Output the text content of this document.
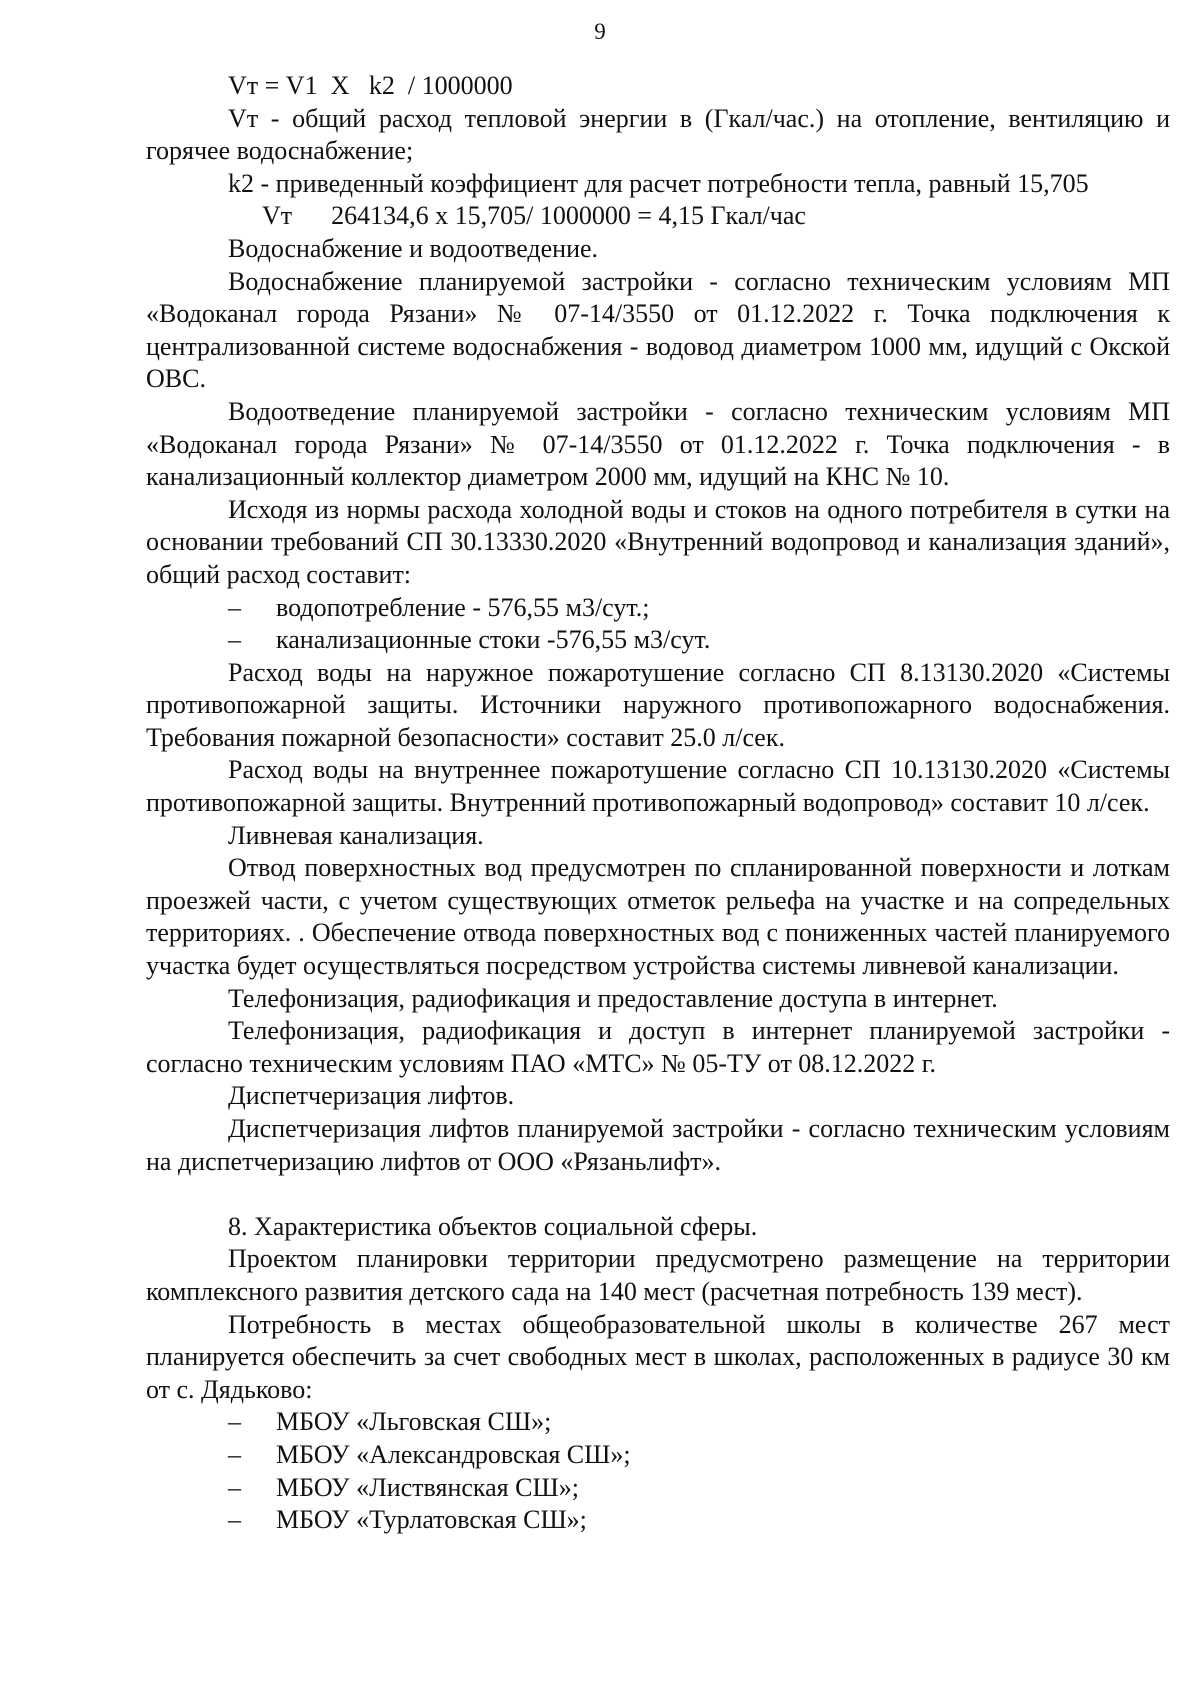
9

Vт = V1  Х   k2  / 1000000

Vт - общий расход тепловой энергии в (Гкал/час.) на отопление, вентиляцию и горячее водоснабжение;

k2 - приведенный коэффициент для расчет потребности тепла, равный 15,705

Vт      264134,6 х 15,705/ 1000000 = 4,15 Гкал/час

Водоснабжение и водоотведение.

Водоснабжение планируемой застройки - согласно техническим условиям МП «Водоканал города Рязани» № 07-14/3550 от 01.12.2022 г. Точка подключения к централизованной системе водоснабжения - водовод диаметром 1000 мм, идущий с Окской ОВС.

Водоотведение планируемой застройки - согласно техническим условиям МП «Водоканал города Рязани» № 07-14/3550 от 01.12.2022 г. Точка подключения - в канализационный коллектор диаметром 2000 мм, идущий на КНС № 10.

Исходя из нормы расхода холодной воды и стоков на одного потребителя в сутки на основании требований СП 30.13330.2020 «Внутренний водопровод и канализация зданий», общий расход составит:

– водопотребление - 576,55 м3/сут.;

– канализационные стоки -576,55 м3/сут.

Расход воды на наружное пожаротушение согласно СП 8.13130.2020 «Системы противопожарной защиты. Источники наружного противопожарного водоснабжения. Требования пожарной безопасности» составит 25.0 л/сек.

Расход воды на внутреннее пожаротушение согласно СП 10.13130.2020 «Системы противопожарной защиты. Внутренний противопожарный водопровод» составит 10 л/сек.

Ливневая канализация.

Отвод поверхностных вод предусмотрен по спланированной поверхности и лоткам проезжей части, с учетом существующих отметок рельефа на участке и на сопредельных территориях. . Обеспечение отвода поверхностных вод с пониженных частей планируемого участка будет осуществляться посредством устройства системы ливневой канализации.

Телефонизация, радиофикация и предоставление доступа в интернет.

Телефонизация, радиофикация и доступ в интернет планируемой застройки - согласно техническим условиям ПАО «МТС» № 05-ТУ от 08.12.2022 г.

Диспетчеризация лифтов.

Диспетчеризация лифтов планируемой застройки - согласно техническим условиям на диспетчеризацию лифтов от ООО «Рязаньлифт».

8. Характеристика объектов социальной сферы.

Проектом планировки территории предусмотрено размещение на территории комплексного развития детского сада на 140 мест (расчетная потребность 139 мест).

Потребность в местах общеобразовательной школы в количестве 267 мест планируется обеспечить за счет свободных мест в школах, расположенных в радиусе 30 км от с. Дядьково:

– МБОУ «Льговская СШ»;

– МБОУ «Александровская СШ»;

– МБОУ «Листвянская СШ»;

– МБОУ «Турлатовская СШ»;
